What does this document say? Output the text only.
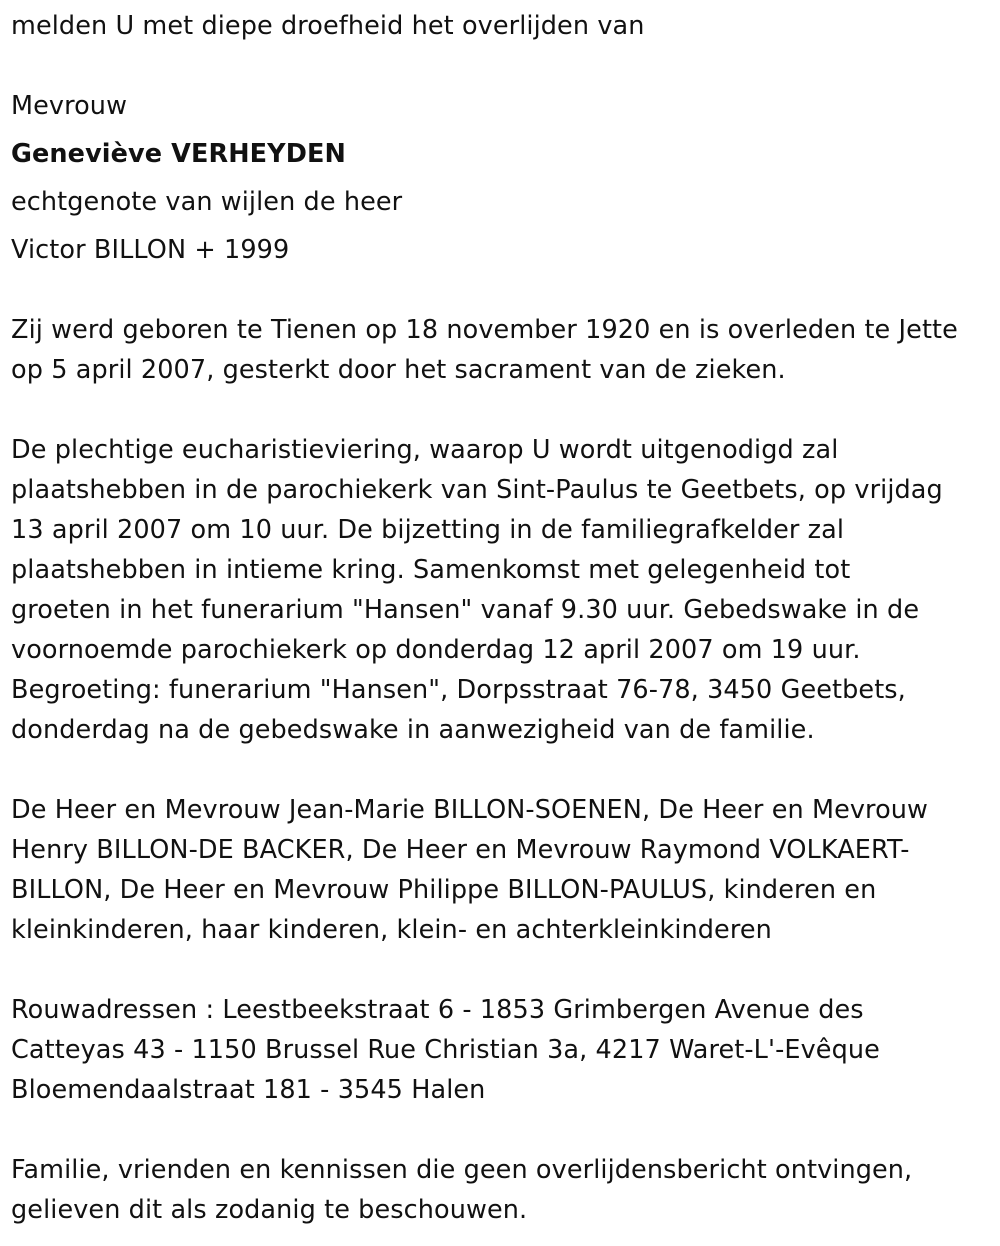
melden U met diepe droefheid het overlijden van

Mevrouw

Geneviève VERHEYDEN

echtgenote van wijlen de heer

Victor BILLON + 1999

Zij werd geboren te Tienen op 18 november 1920 en is overleden te Jette

op 5 april 2007, gesterkt door het sacrament van de zieken.

De plechtige eucharistieviering, waarop U wordt uitgenodigd zal

plaatshebben in de parochiekerk van Sint-Paulus te Geetbets, op vrijdag

13 april 2007 om 10 uur. De bijzetting in de familiegrafkelder zal

plaatshebben in intieme kring. Samenkomst met gelegenheid tot

groeten in het funerarium "Hansen" vanaf 9.30 uur. Gebedswake in de

voornoemde parochiekerk op donderdag 12 april 2007 om 19 uur.

Begroeting: funerarium "Hansen", Dorpsstraat 76-78, 3450 Geetbets,

donderdag na de gebedswake in aanwezigheid van de familie.

De Heer en Mevrouw Jean-Marie BILLON-SOENEN, De Heer en Mevrouw

Henry BILLON-DE BACKER, De Heer en Mevrouw Raymond VOLKAERT-

BILLON, De Heer en Mevrouw Philippe BILLON-PAULUS, kinderen en

kleinkinderen, haar kinderen, klein- en achterkleinkinderen

Rouwadressen : Leestbeekstraat 6 - 1853 Grimbergen Avenue des

Catteyas 43 - 1150 Brussel Rue Christian 3a, 4217 Waret-L'-Evêque

Bloemendaalstraat 181 - 3545 Halen

Familie, vrienden en kennissen die geen overlijdensbericht ontvingen,

gelieven dit als zodanig te beschouwen.
